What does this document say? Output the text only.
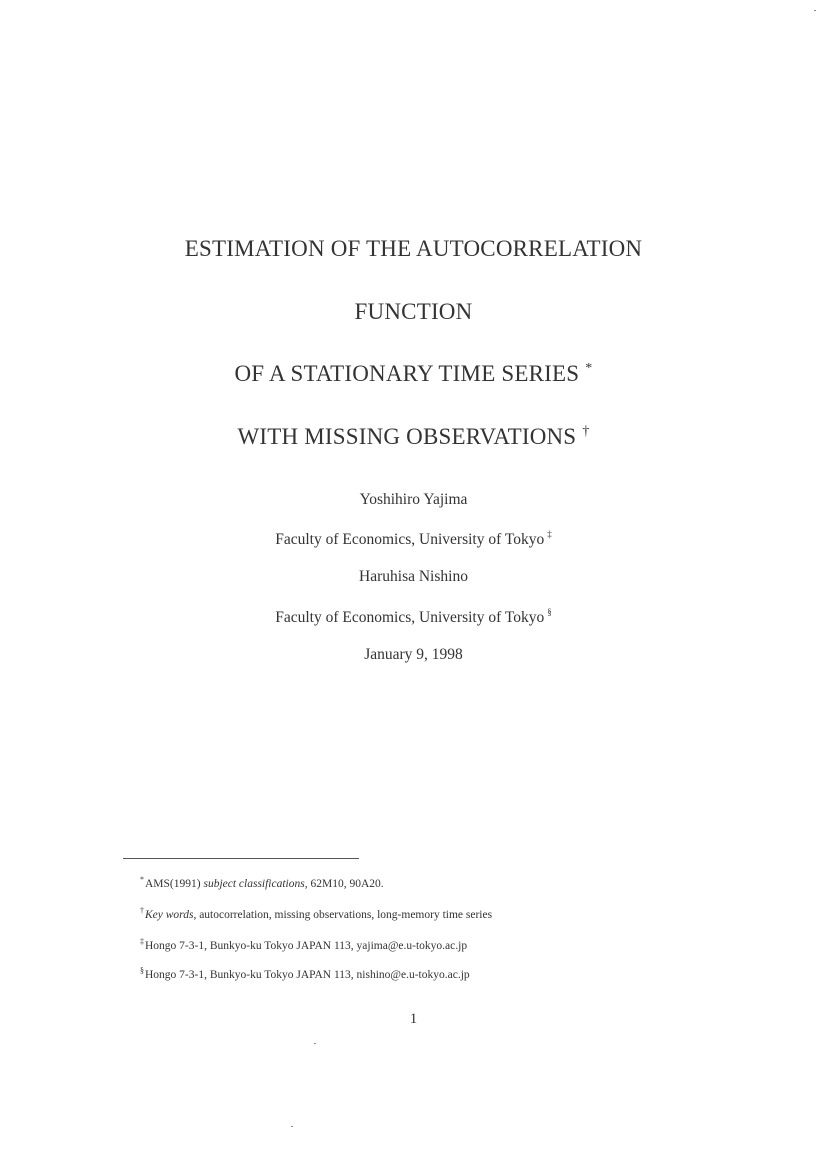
ESTIMATION OF THE AUTOCORRELATION
FUNCTION
OF A STATIONARY TIME SERIES *
WITH MISSING OBSERVATIONS †
Yoshihiro Yajima
Faculty of Economics, University of Tokyo ‡
Haruhisa Nishino
Faculty of Economics, University of Tokyo §
January 9, 1998
*AMS(1991) subject classifications, 62M10, 90A20.
†Key words, autocorrelation, missing observations, long-memory time series
‡Hongo 7-3-1, Bunkyo-ku Tokyo JAPAN 113, yajima@e.u-tokyo.ac.jp
§Hongo 7-3-1, Bunkyo-ku Tokyo JAPAN 113, nishino@e.u-tokyo.ac.jp
1
